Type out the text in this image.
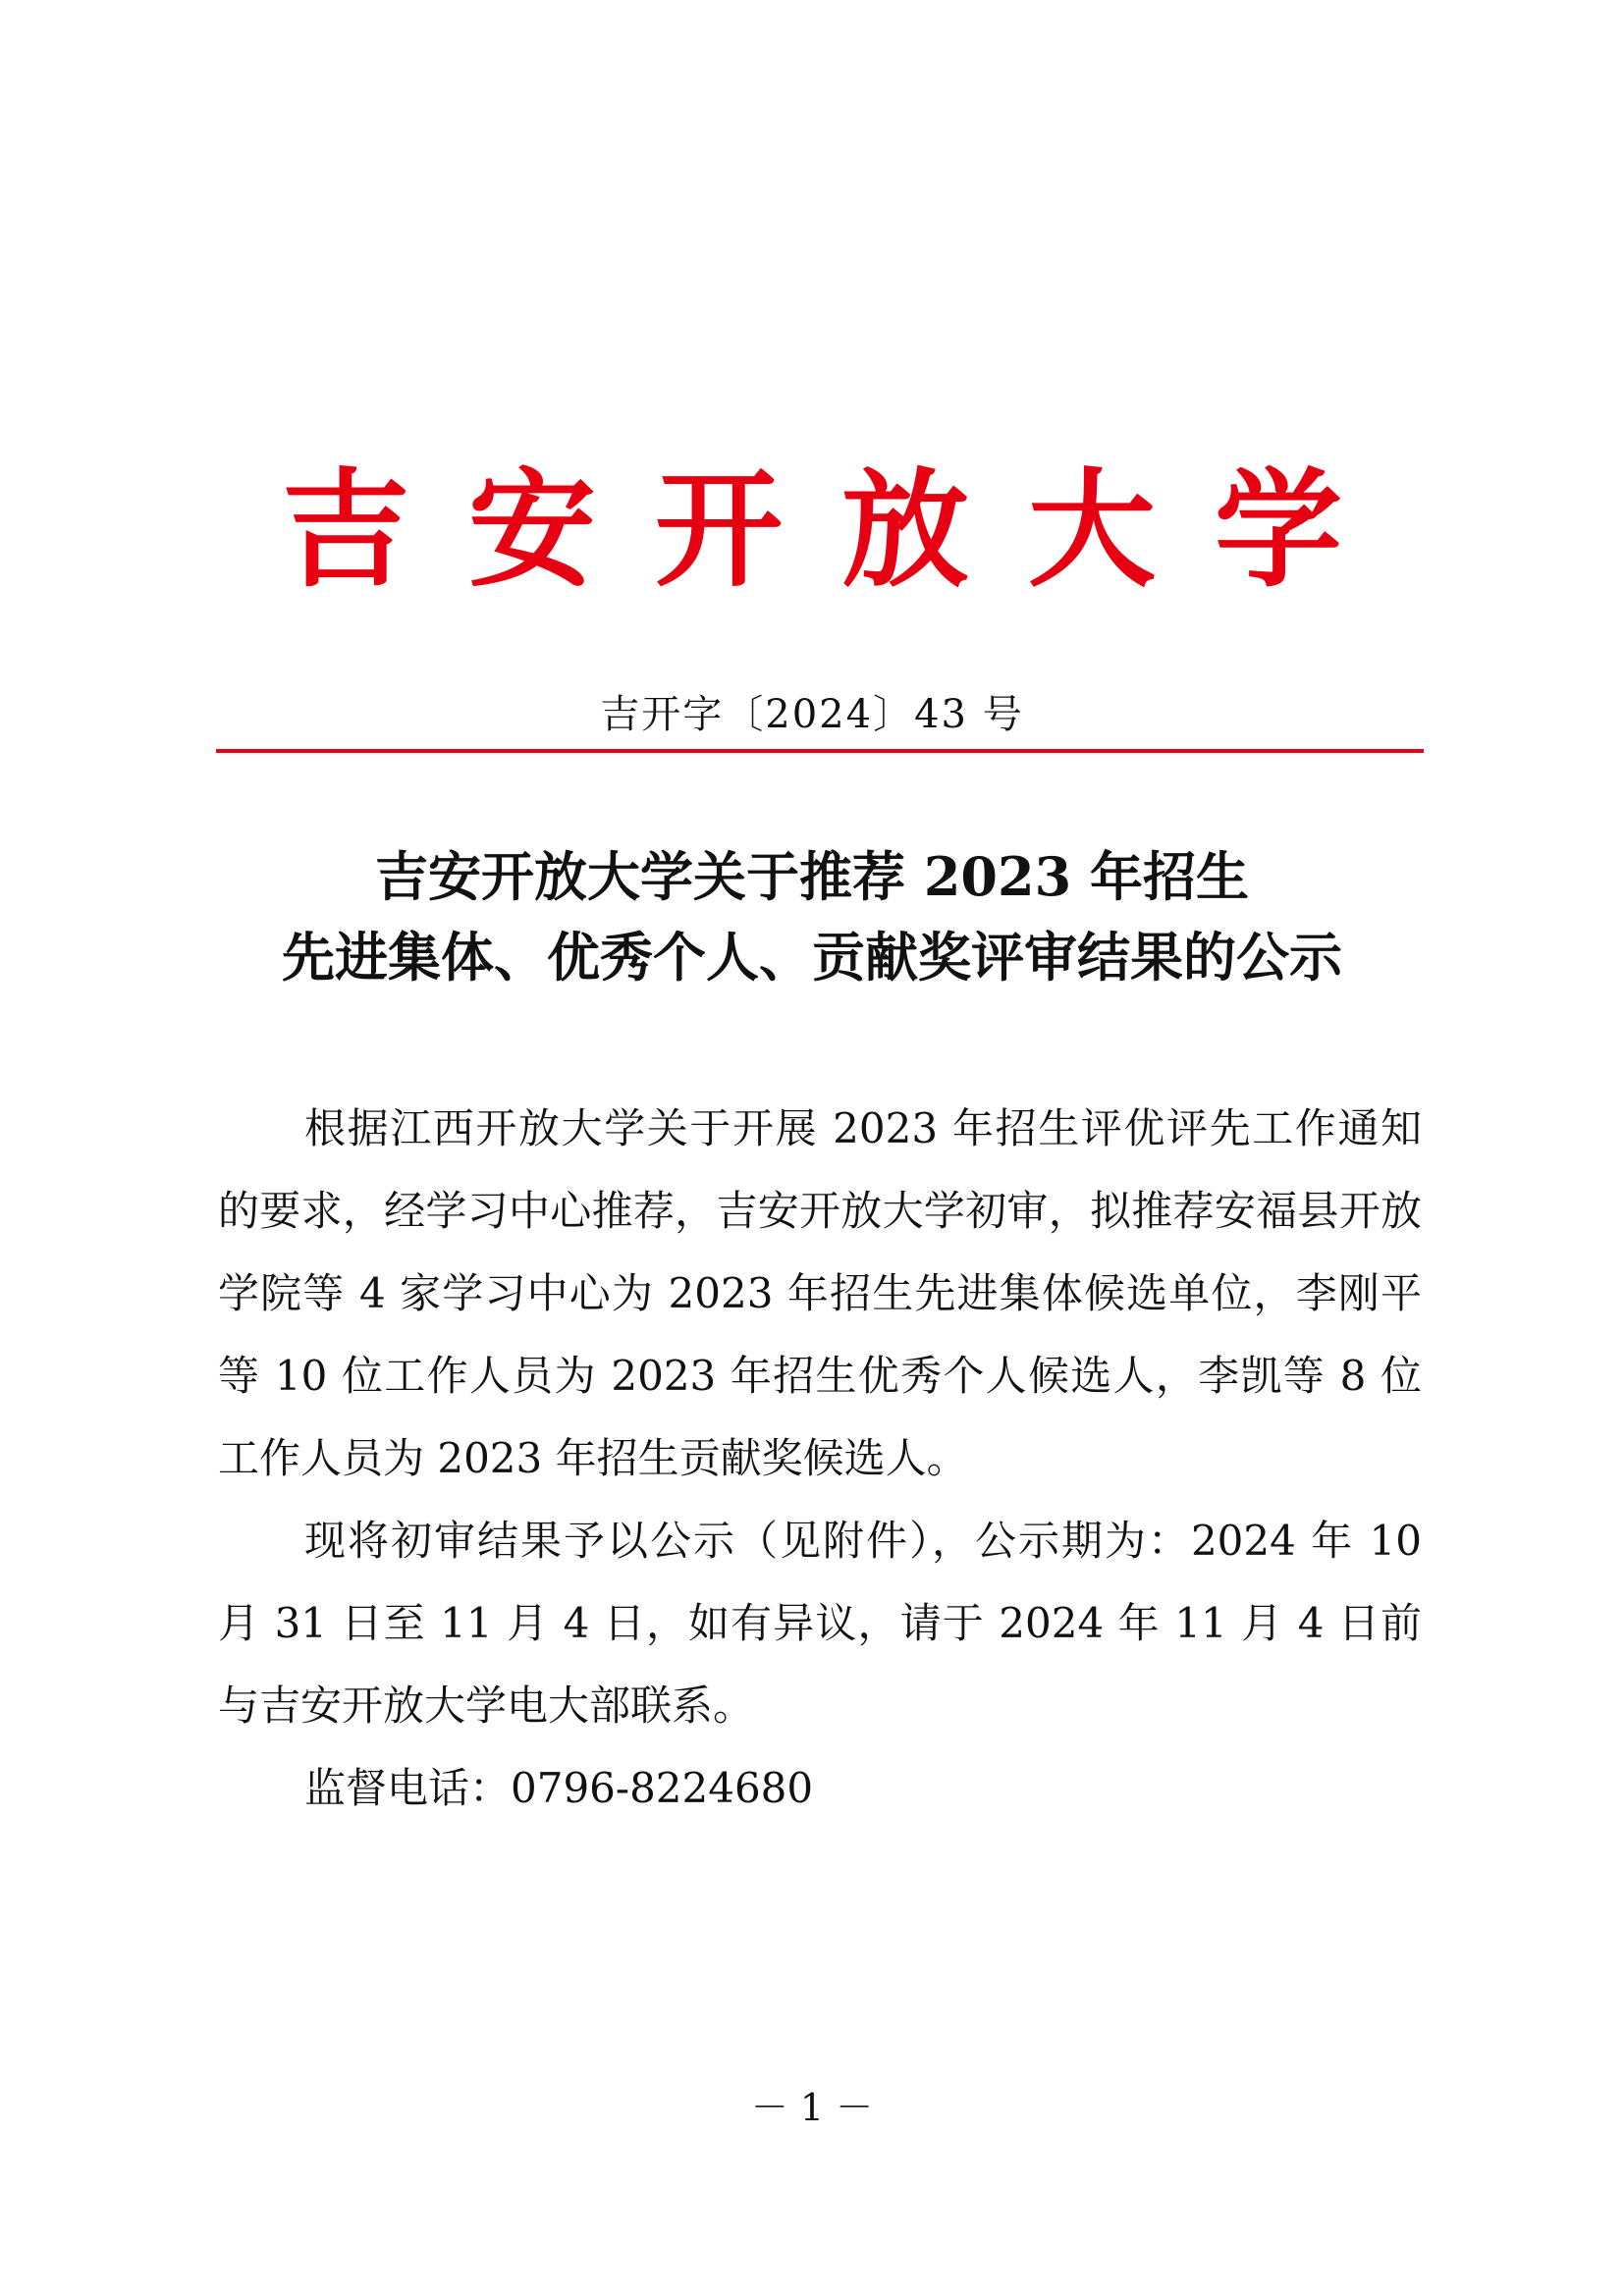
吉安开放大学
吉开字〔2024〕43 号
吉安开放大学关于推荐 2023 年招生
先进集体、优秀个人、贡献奖评审结果的公示

根据江西开放大学关于开展 2023 年招生评优评先工作通知的要求，经学习中心推荐，吉安开放大学初审，拟推荐安福县开放学院等 4 家学习中心为 2023 年招生先进集体候选单位，李刚平等 10 位工作人员为 2023 年招生优秀个人候选人，李凯等 8 位工作人员为 2023 年招生贡献奖候选人。

现将初审结果予以公示（见附件），公示期为：2024 年 10 月 31 日至 11 月 4 日，如有异议，请于 2024 年 11 月 4 日前与吉安开放大学电大部联系。

监督电话：0796-8224680

－ 1 －
